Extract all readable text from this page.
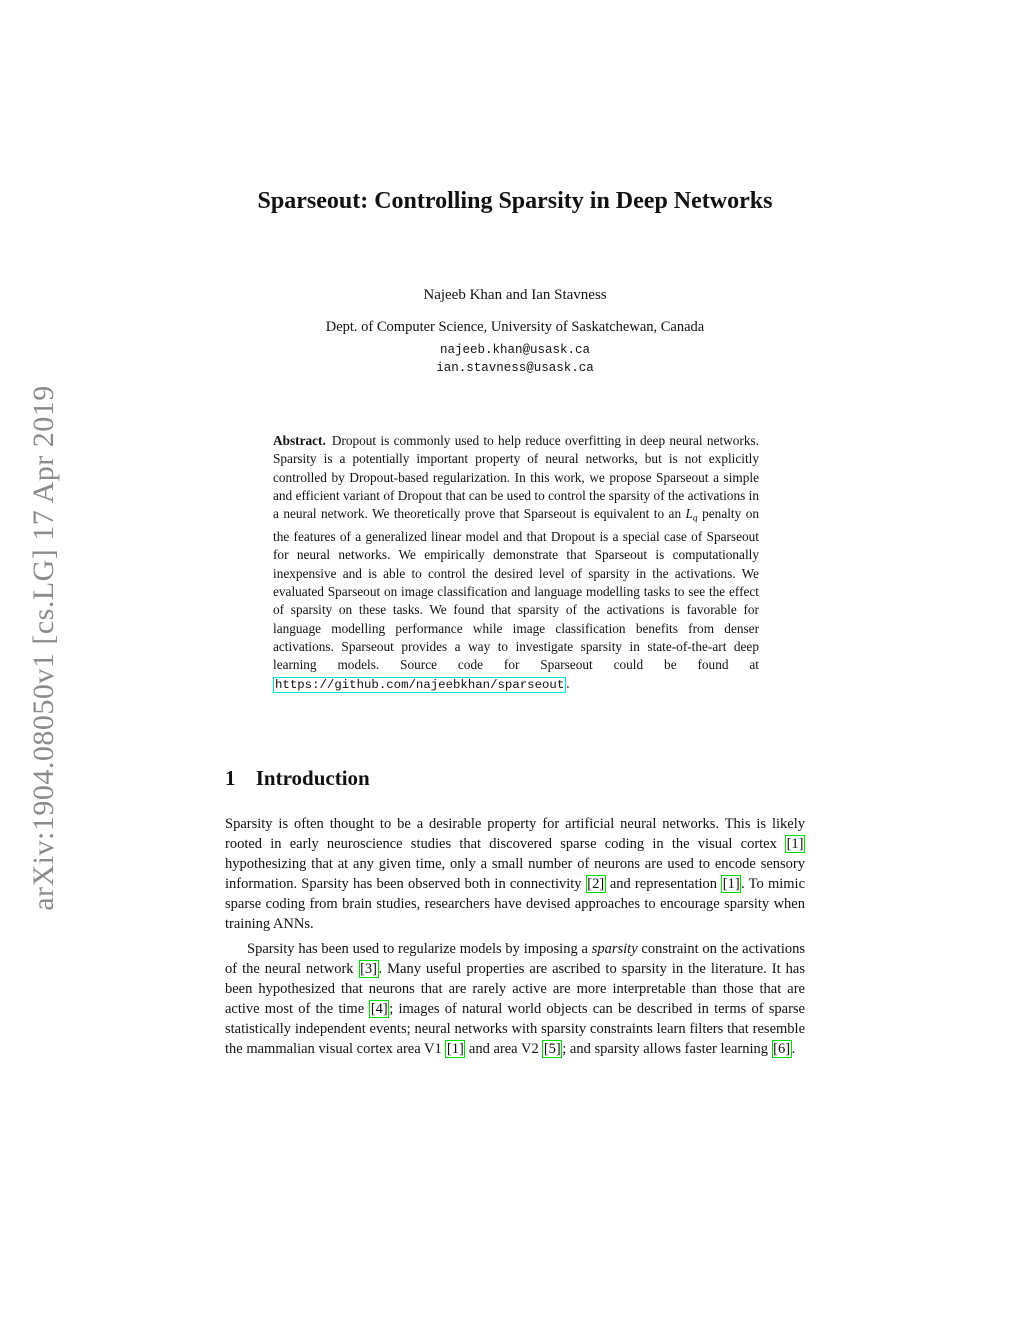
arXiv:1904.08050v1 [cs.LG] 17 Apr 2019
Sparseout: Controlling Sparsity in Deep Networks
Najeeb Khan and Ian Stavness
Dept. of Computer Science, University of Saskatchewan, Canada
najeeb.khan@usask.ca
ian.stavness@usask.ca
Abstract. Dropout is commonly used to help reduce overfitting in deep neural networks. Sparsity is a potentially important property of neural networks, but is not explicitly controlled by Dropout-based regularization. In this work, we propose Sparseout a simple and efficient variant of Dropout that can be used to control the sparsity of the activations in a neural network. We theoretically prove that Sparseout is equivalent to an $L_q$ penalty on the features of a generalized linear model and that Dropout is a special case of Sparseout for neural networks. We empirically demonstrate that Sparseout is computationally inexpensive and is able to control the desired level of sparsity in the activations. We evaluated Sparseout on image classification and language modelling tasks to see the effect of sparsity on these tasks. We found that sparsity of the activations is favorable for language modelling performance while image classification benefits from denser activations. Sparseout provides a way to investigate sparsity in state-of-the-art deep learning models. Source code for Sparseout could be found at https://github.com/najeebkhan/sparseout .
1 Introduction

Sparsity is often thought to be a desirable property for artificial neural networks. This is likely rooted in early neuroscience studies that discovered sparse coding in the visual cortex [1] hypothesizing that at any given time, only a small number of neurons are used to encode sensory information. Sparsity has been observed both in connectivity [2] and representation [1] . To mimic sparse coding from brain studies, researchers have devised approaches to encourage sparsity when training ANNs.

Sparsity has been used to regularize models by imposing a sparsity constraint on the activations of the neural network [3] . Many useful properties are ascribed to sparsity in the literature. It has been hypothesized that neurons that are rarely active are more interpretable than those that are active most of the time [4] ; images of natural world objects can be described in terms of sparse statistically independent events; neural networks with sparsity constraints learn filters that resemble the mammalian visual cortex area V1 [1] and area V2 [5] ; and sparsity allows faster learning [6] .
